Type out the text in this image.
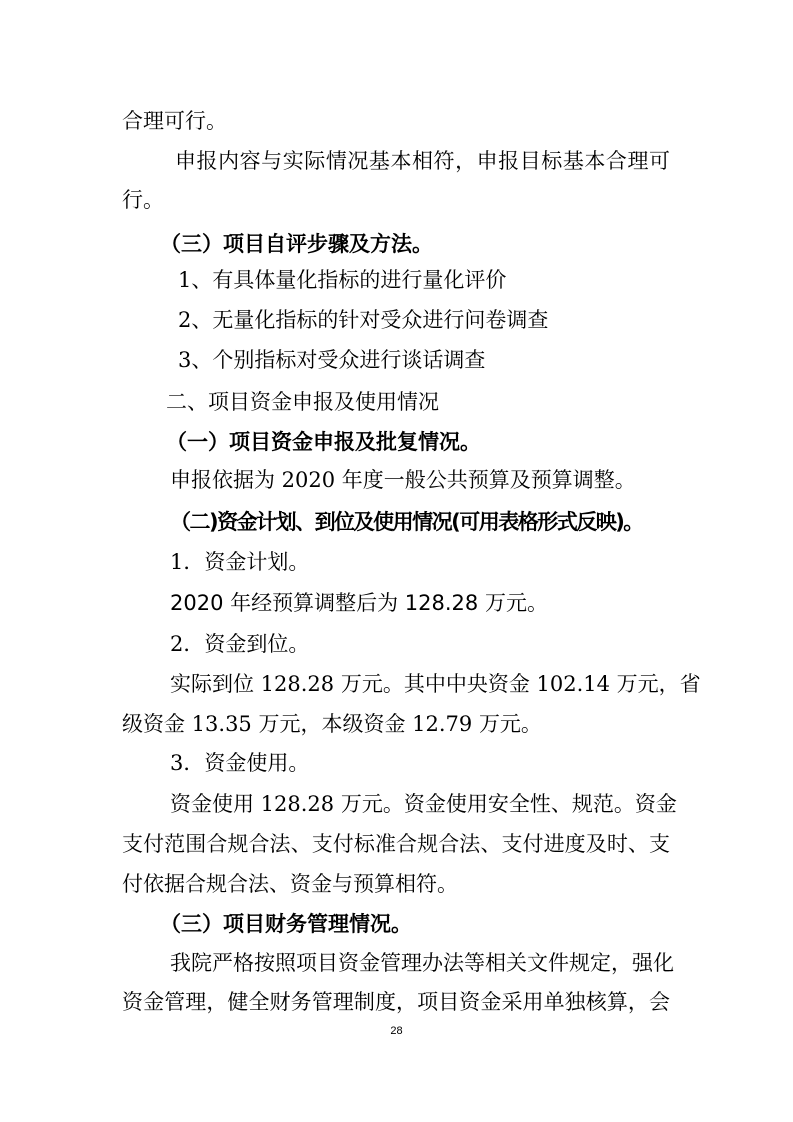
合理可行。
申报内容与实际情况基本相符，申报目标基本合理可
行。
（三）项目自评步骤及方法。
1、有具体量化指标的进行量化评价
2、无量化指标的针对受众进行问卷调查
3、个别指标对受众进行谈话调查
二、项目资金申报及使用情况
（一）项目资金申报及批复情况。
申报依据为 2020 年度一般公共预算及预算调整。
（二)资金计划、到位及使用情况(可用表格形式反映)。
1．资金计划。
2020 年经预算调整后为 128.28 万元。
2．资金到位。
实际到位 128.28 万元。其中中央资金 102.14 万元，省
级资金 13.35 万元，本级资金 12.79 万元。
3．资金使用。
资金使用 128.28 万元。资金使用安全性、规范。资金
支付范围合规合法、支付标准合规合法、支付进度及时、支
付依据合规合法、资金与预算相符。
（三）项目财务管理情况。
我院严格按照项目资金管理办法等相关文件规定，强化
资金管理，健全财务管理制度，项目资金采用单独核算，会
28
